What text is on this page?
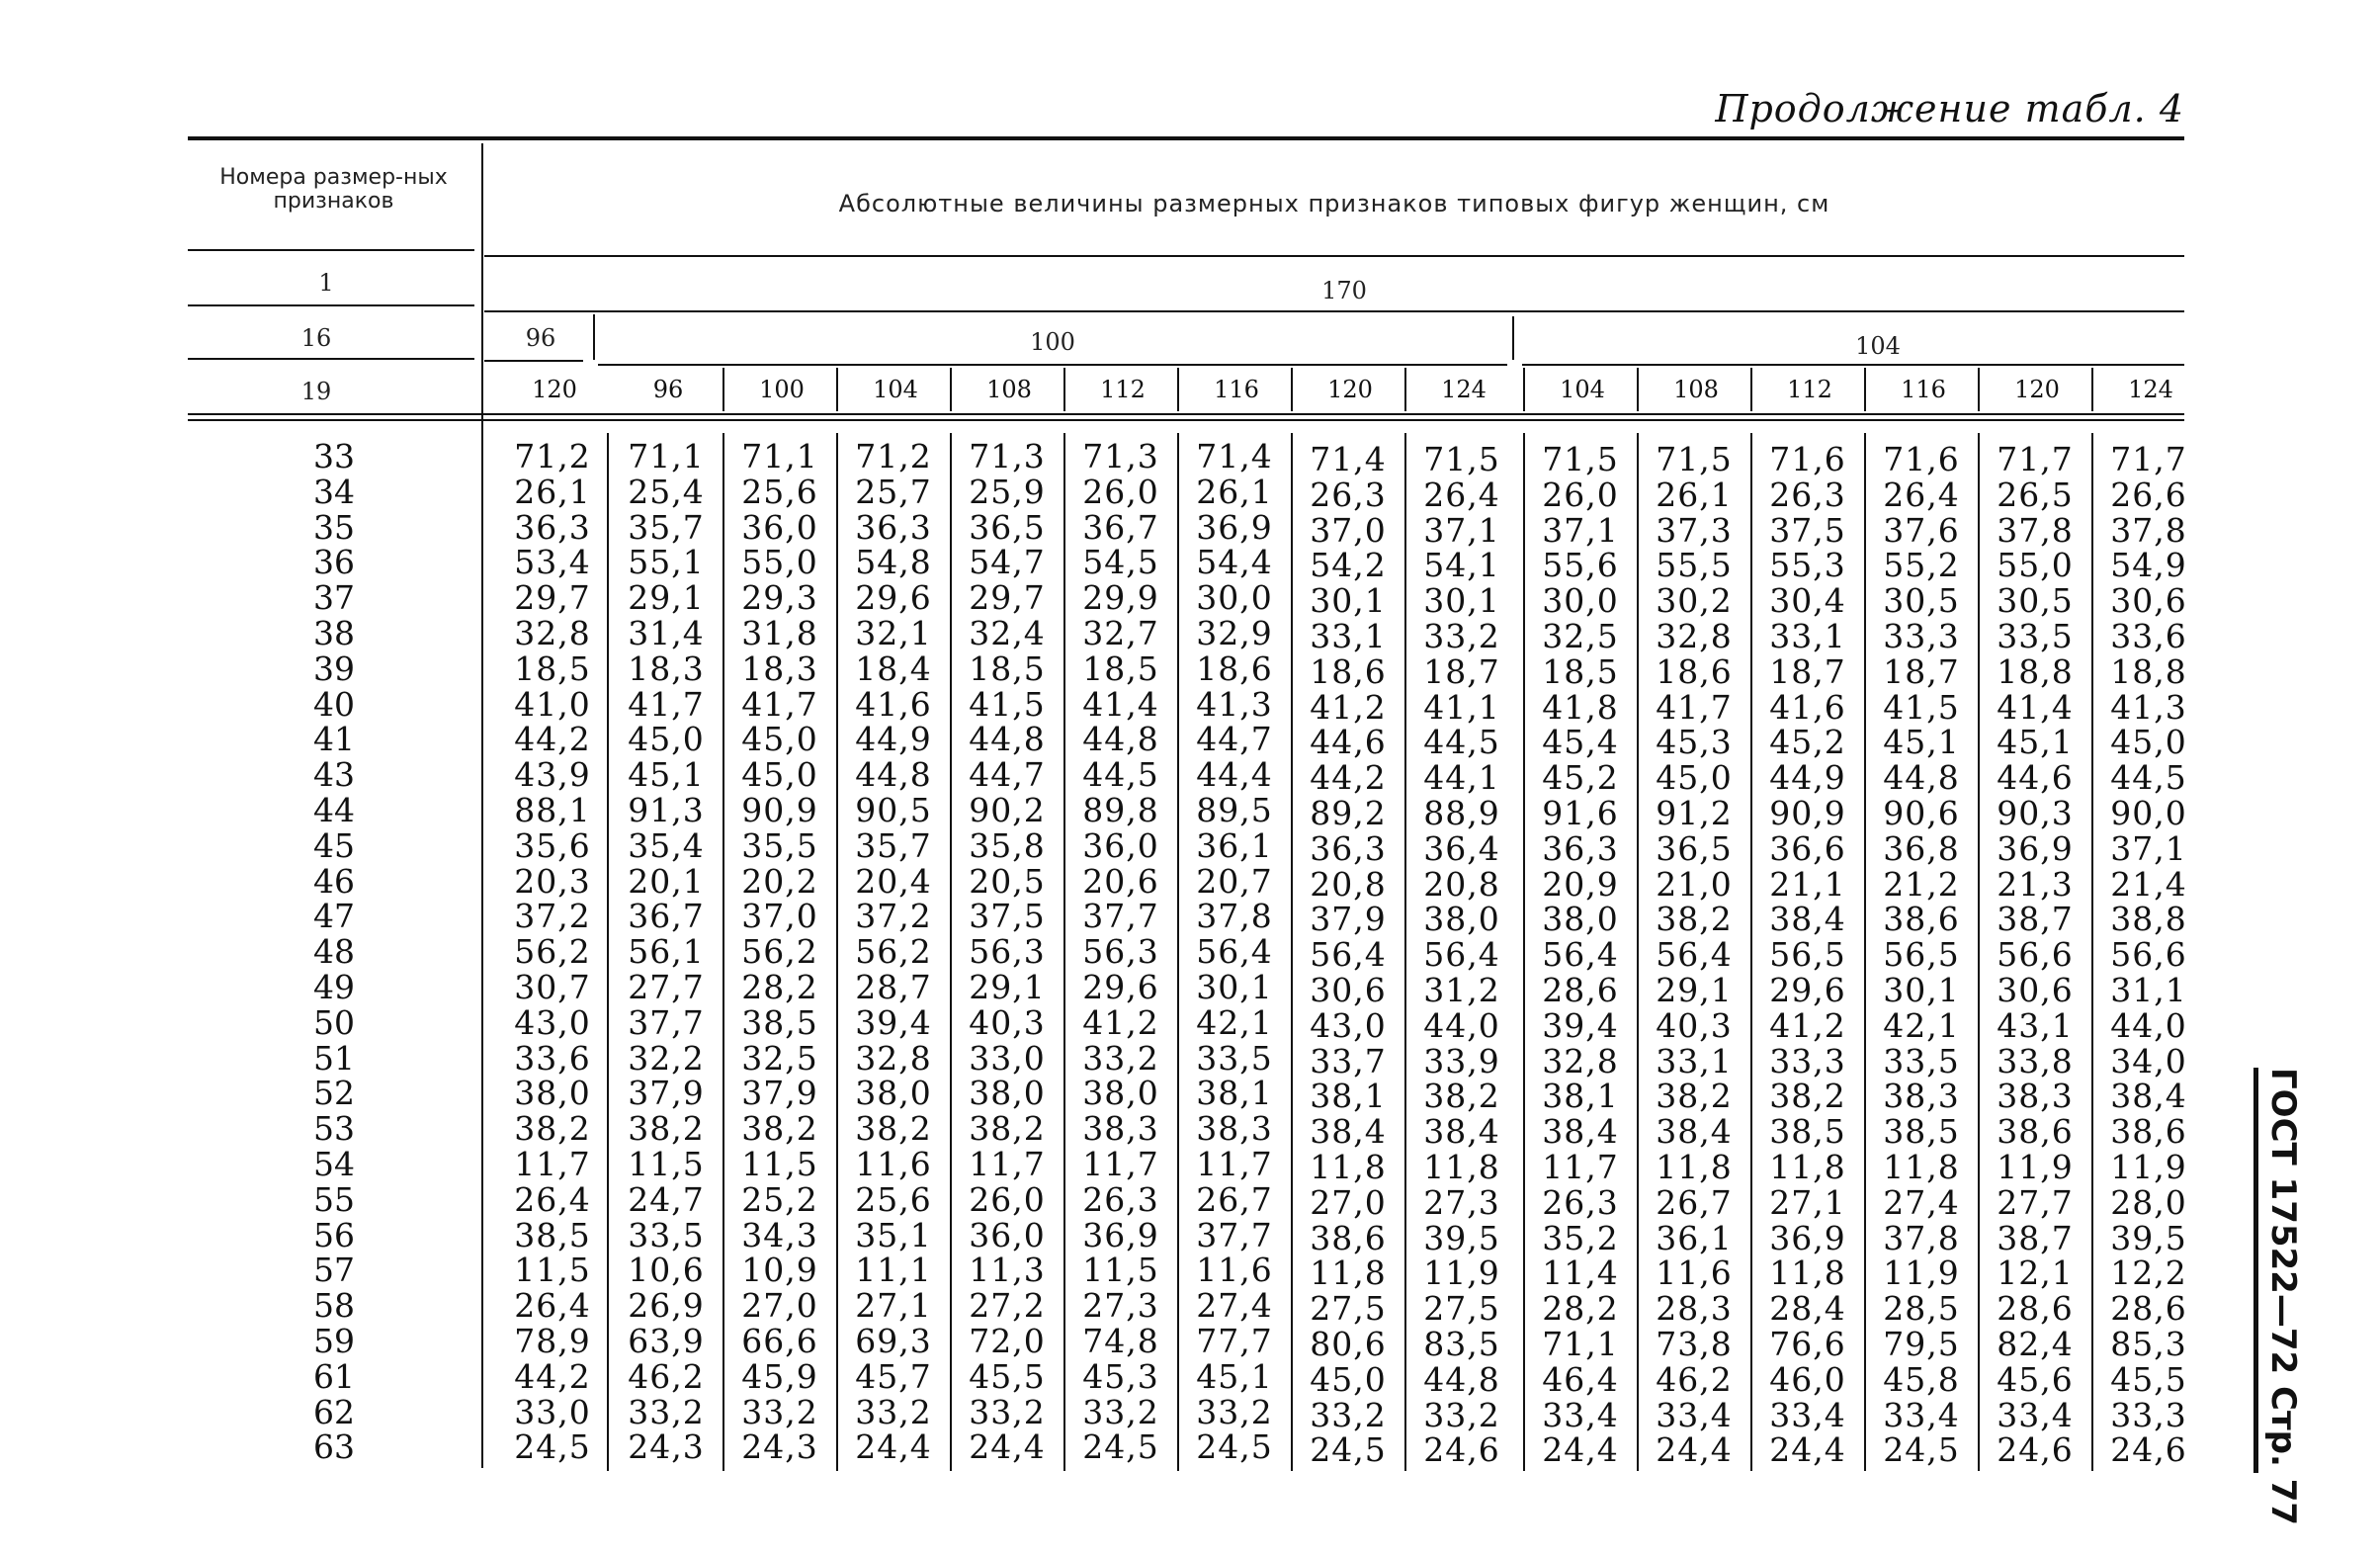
Продолжение табл. 4
Номера размер-ных признаков	Абсолютные величины размерных признаков типовых фигур женщин, см
1	170
16	96	100	104
19	120	96	100	104	108	112	116	120	124	104	108	112	116	120	124
33	71,2	71,1	71,1	71,2	71,3	71,3	71,4	71,4	71,5	71,5	71,5	71,6	71,6	71,7	71,7
34	26,1	25,4	25,6	25,7	25,9	26,0	26,1	26,3	26,4	26,0	26,1	26,3	26,4	26,5	26,6
35	36,3	35,7	36,0	36,3	36,5	36,7	36,9	37,0	37,1	37,1	37,3	37,5	37,6	37,8	37,8
36	53,4	55,1	55,0	54,8	54,7	54,5	54,4	54,2	54,1	55,6	55,5	55,3	55,2	55,0	54,9
37	29,7	29,1	29,3	29,6	29,7	29,9	30,0	30,1	30,1	30,0	30,2	30,4	30,5	30,5	30,6
38	32,8	31,4	31,8	32,1	32,4	32,7	32,9	33,1	33,2	32,5	32,8	33,1	33,3	33,5	33,6
39	18,5	18,3	18,3	18,4	18,5	18,5	18,6	18,6	18,7	18,5	18,6	18,7	18,7	18,8	18,8
40	41,0	41,7	41,7	41,6	41,5	41,4	41,3	41,2	41,1	41,8	41,7	41,6	41,5	41,4	41,3
41	44,2	45,0	45,0	44,9	44,8	44,8	44,7	44,6	44,5	45,4	45,3	45,2	45,1	45,1	45,0
43	43,9	45,1	45,0	44,8	44,7	44,5	44,4	44,2	44,1	45,2	45,0	44,9	44,8	44,6	44,5
44	88,1	91,3	90,9	90,5	90,2	89,8	89,5	89,2	88,9	91,6	91,2	90,9	90,6	90,3	90,0
45	35,6	35,4	35,5	35,7	35,8	36,0	36,1	36,3	36,4	36,3	36,5	36,6	36,8	36,9	37,1
46	20,3	20,1	20,2	20,4	20,5	20,6	20,7	20,8	20,8	20,9	21,0	21,1	21,2	21,3	21,4
47	37,2	36,7	37,0	37,2	37,5	37,7	37,8	37,9	38,0	38,0	38,2	38,4	38,6	38,7	38,8
48	56,2	56,1	56,2	56,2	56,3	56,3	56,4	56,4	56,4	56,4	56,4	56,5	56,5	56,6	56,6
49	30,7	27,7	28,2	28,7	29,1	29,6	30,1	30,6	31,2	28,6	29,1	29,6	30,1	30,6	31,1
50	43,0	37,7	38,5	39,4	40,3	41,2	42,1	43,0	44,0	39,4	40,3	41,2	42,1	43,1	44,0
51	33,6	32,2	32,5	32,8	33,0	33,2	33,5	33,7	33,9	32,8	33,1	33,3	33,5	33,8	34,0
52	38,0	37,9	37,9	38,0	38,0	38,0	38,1	38,1	38,2	38,1	38,2	38,2	38,3	38,3	38,4
53	38,2	38,2	38,2	38,2	38,2	38,3	38,3	38,4	38,4	38,4	38,4	38,5	38,5	38,6	38,6
54	11,7	11,5	11,5	11,6	11,7	11,7	11,7	11,8	11,8	11,7	11,8	11,8	11,8	11,9	11,9
55	26,4	24,7	25,2	25,6	26,0	26,3	26,7	27,0	27,3	26,3	26,7	27,1	27,4	27,7	28,0
56	38,5	33,5	34,3	35,1	36,0	36,9	37,7	38,6	39,5	35,2	36,1	36,9	37,8	38,7	39,5
57	11,5	10,6	10,9	11,1	11,3	11,5	11,6	11,8	11,9	11,4	11,6	11,8	11,9	12,1	12,2
58	26,4	26,9	27,0	27,1	27,2	27,3	27,4	27,5	27,5	28,2	28,3	28,4	28,5	28,6	28,6
59	78,9	63,9	66,6	69,3	72,0	74,8	77,7	80,6	83,5	71,1	73,8	76,6	79,5	82,4	85,3
61	44,2	46,2	45,9	45,7	45,5	45,3	45,1	45,0	44,8	46,4	46,2	46,0	45,8	45,6	45,5
62	33,0	33,2	33,2	33,2	33,2	33,2	33,2	33,2	33,2	33,4	33,4	33,4	33,4	33,4	33,3
63	24,5	24,3	24,3	24,4	24,4	24,5	24,5	24,5	24,6	24,4	24,4	24,4	24,5	24,6	24,6	ГОСТ 17522—72 Стр. 77
